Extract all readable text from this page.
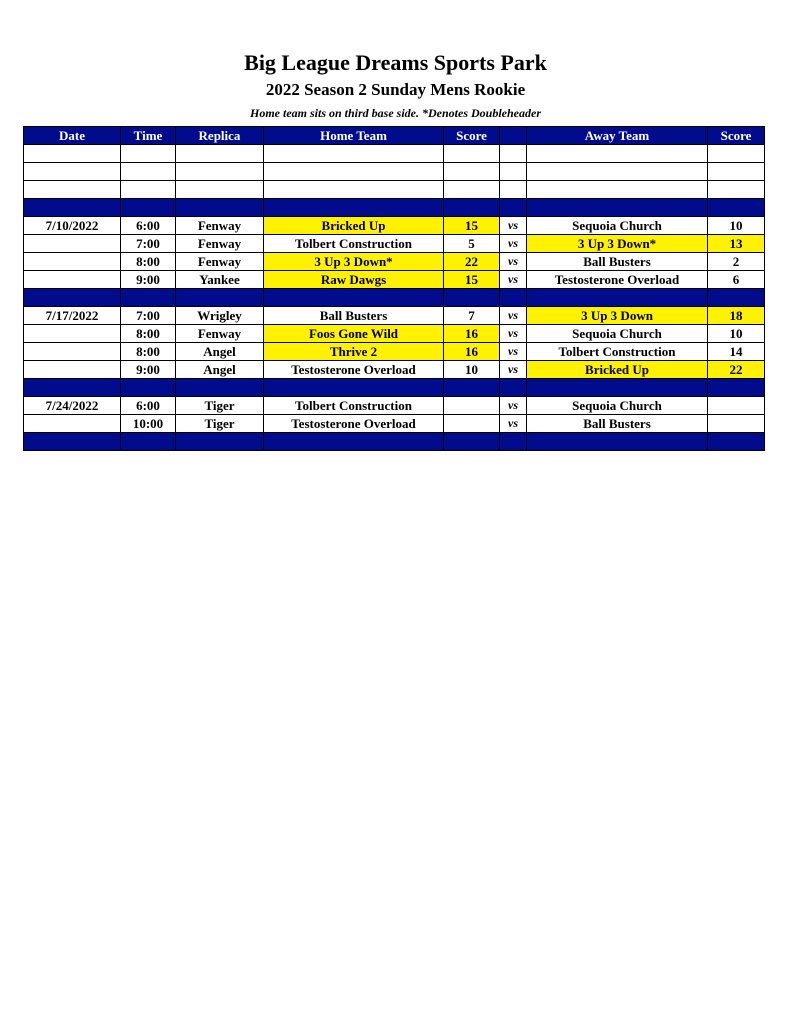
Big League Dreams Sports Park
2022 Season 2 Sunday Mens Rookie
Home team sits on third base side. *Denotes Doubleheader
Date	Time	Replica	Home Team	Score		Away Team	Score

7/10/2022	6:00	Fenway	Bricked Up	15	vs	Sequoia Church	10
	7:00	Fenway	Tolbert Construction	5	vs	3 Up 3 Down*	13
	8:00	Fenway	3 Up 3 Down*	22	vs	Ball Busters	2
	9:00	Yankee	Raw Dawgs	15	vs	Testosterone Overload	6

7/17/2022	7:00	Wrigley	Ball Busters	7	vs	3 Up 3 Down	18
	8:00	Fenway	Foos Gone Wild	16	vs	Sequoia Church	10
	8:00	Angel	Thrive 2	16	vs	Tolbert Construction	14
	9:00	Angel	Testosterone Overload	10	vs	Bricked Up	22

7/24/2022	6:00	Tiger	Tolbert Construction		vs	Sequoia Church	
	10:00	Tiger	Testosterone Overload		vs	Ball Busters	
